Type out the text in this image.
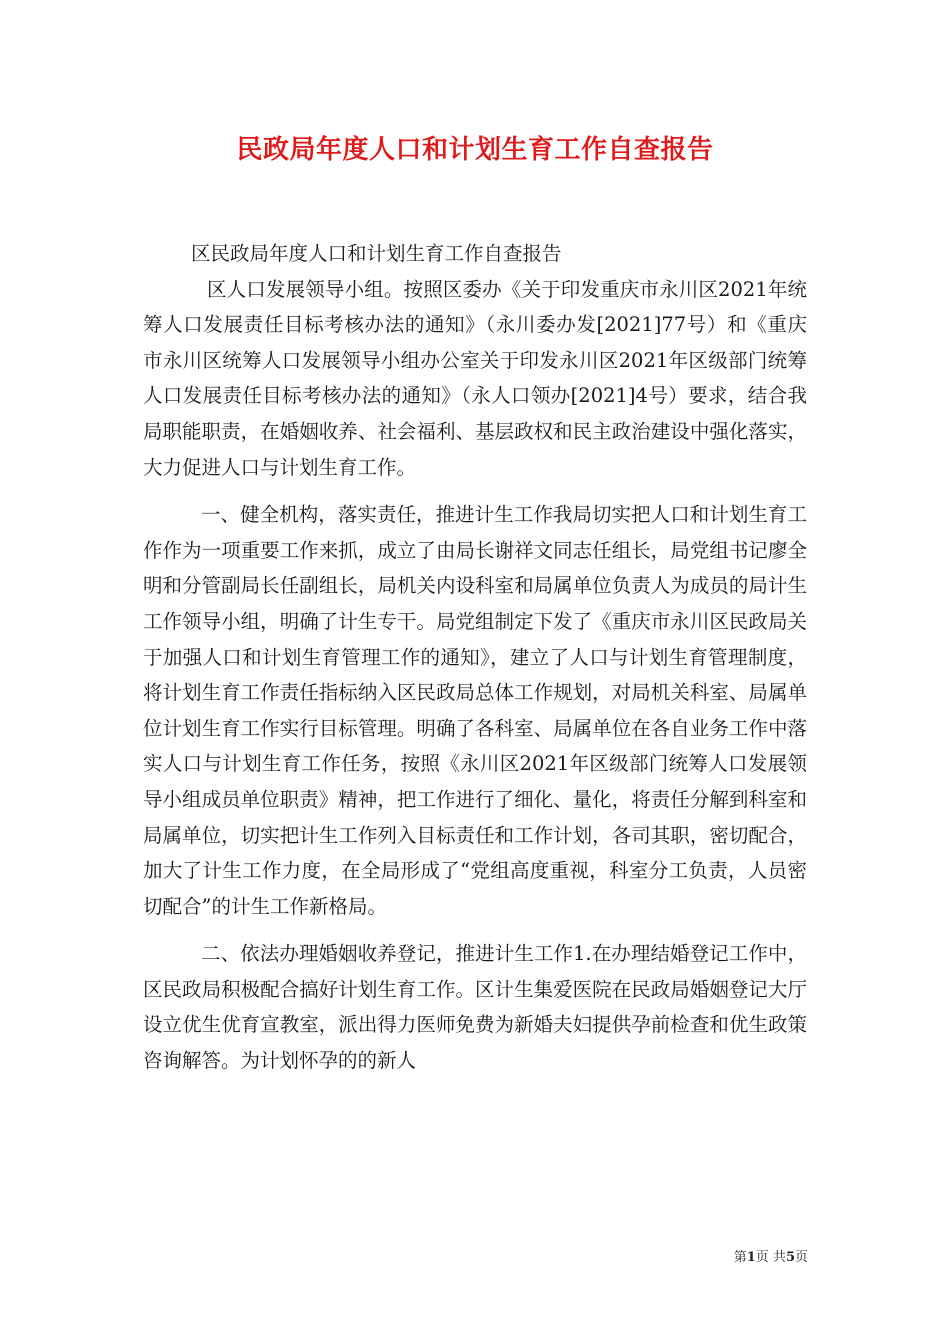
民政局年度人口和计划生育工作自查报告

区民政局年度人口和计划生育工作自查报告

区人口发展领导小组。按照区委办《关于印发重庆市永川区2021年统筹人口发展责任目标考核办法的通知》（永川委办发[2021]77号）和《重庆市永川区统筹人口发展领导小组办公室关于印发永川区2021年区级部门统筹人口发展责任目标考核办法的通知》（永人口领办[2021]4号）要求，结合我局职能职责，在婚姻收养、社会福利、基层政权和民主政治建设中强化落实，大力促进人口与计划生育工作。

一、健全机构，落实责任，推进计生工作我局切实把人口和计划生育工作作为一项重要工作来抓，成立了由局长谢祥文同志任组长，局党组书记廖全明和分管副局长任副组长，局机关内设科室和局属单位负责人为成员的局计生工作领导小组，明确了计生专干。局党组制定下发了《重庆市永川区民政局关于加强人口和计划生育管理工作的通知》，建立了人口与计划生育管理制度，将计划生育工作责任指标纳入区民政局总体工作规划，对局机关科室、局属单位计划生育工作实行目标管理。明确了各科室、局属单位在各自业务工作中落实人口与计划生育工作任务，按照《永川区2021年区级部门统筹人口发展领导小组成员单位职责》精神，把工作进行了细化、量化，将责任分解到科室和局属单位，切实把计生工作列入目标责任和工作计划，各司其职，密切配合，加大了计生工作力度，在全局形成了“党组高度重视，科室分工负责，人员密切配合”的计生工作新格局。

二、依法办理婚姻收养登记，推进计生工作1.在办理结婚登记工作中，区民政局积极配合搞好计划生育工作。区计生集爱医院在民政局婚姻登记大厅设立优生优育宣教室，派出得力医师免费为新婚夫妇提供孕前检查和优生政策咨询解答。为计划怀孕的的新人

第1页 共5页
